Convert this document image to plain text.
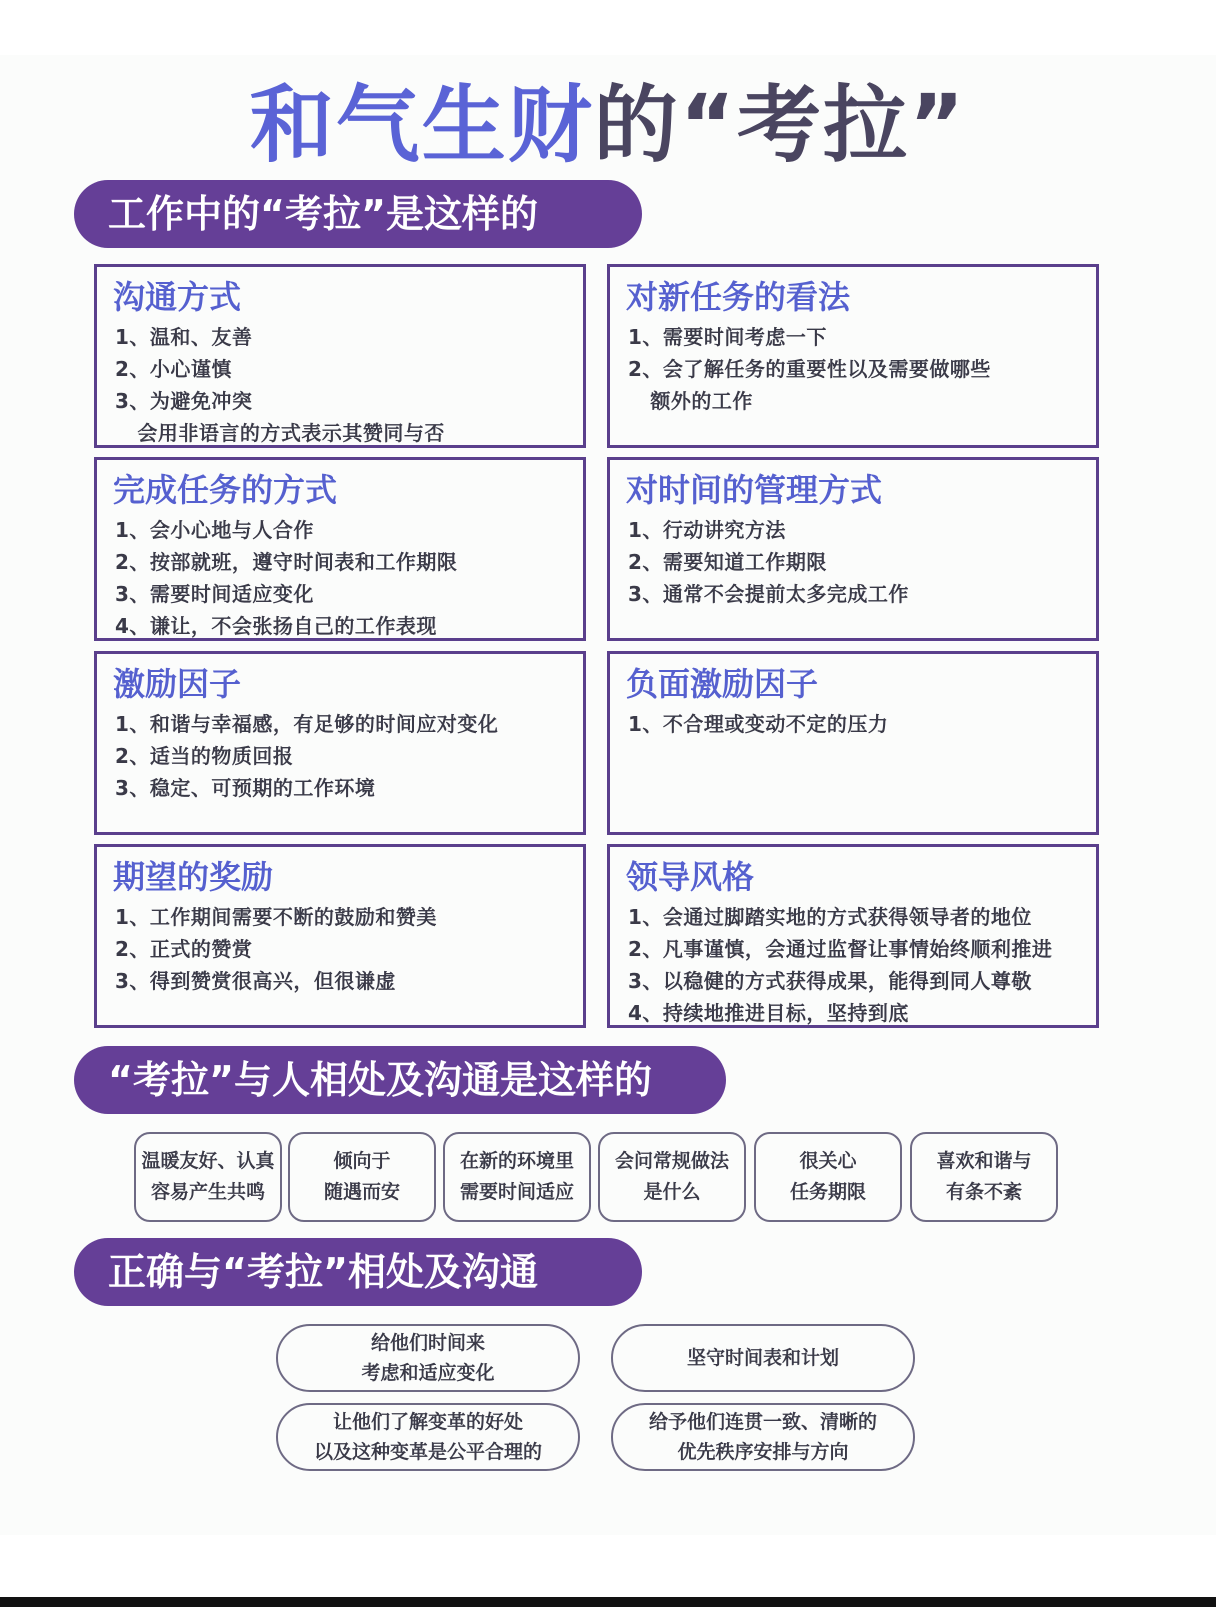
和气生财的“考拉”
工作中的“考拉”是这样的
沟通方式
1、温和、友善
2、小心谨慎
3、为避免冲突
会用非语言的方式表示其赞同与否
对新任务的看法
1、需要时间考虑一下
2、会了解任务的重要性以及需要做哪些
额外的工作
完成任务的方式
1、会小心地与人合作
2、按部就班，遵守时间表和工作期限
3、需要时间适应变化
4、谦让，不会张扬自己的工作表现
对时间的管理方式
1、行动讲究方法
2、需要知道工作期限
3、通常不会提前太多完成工作
激励因子
1、和谐与幸福感，有足够的时间应对变化
2、适当的物质回报
3、稳定、可预期的工作环境
负面激励因子
1、不合理或变动不定的压力
期望的奖励
1、工作期间需要不断的鼓励和赞美
2、正式的赞赏
3、得到赞赏很高兴，但很谦虚
领导风格
1、会通过脚踏实地的方式获得领导者的地位
2、凡事谨慎，会通过监督让事情始终顺利推进
3、以稳健的方式获得成果，能得到同人尊敬
4、持续地推进目标，坚持到底
“考拉”与人相处及沟通是这样的
温暖友好、认真
容易产生共鸣
倾向于
随遇而安
在新的环境里
需要时间适应
会问常规做法
是什么
很关心
任务期限
喜欢和谐与
有条不紊
正确与“考拉”相处及沟通
给他们时间来
考虑和适应变化
坚守时间表和计划
让他们了解变革的好处
以及这种变革是公平合理的
给予他们连贯一致、清晰的
优先秩序安排与方向
